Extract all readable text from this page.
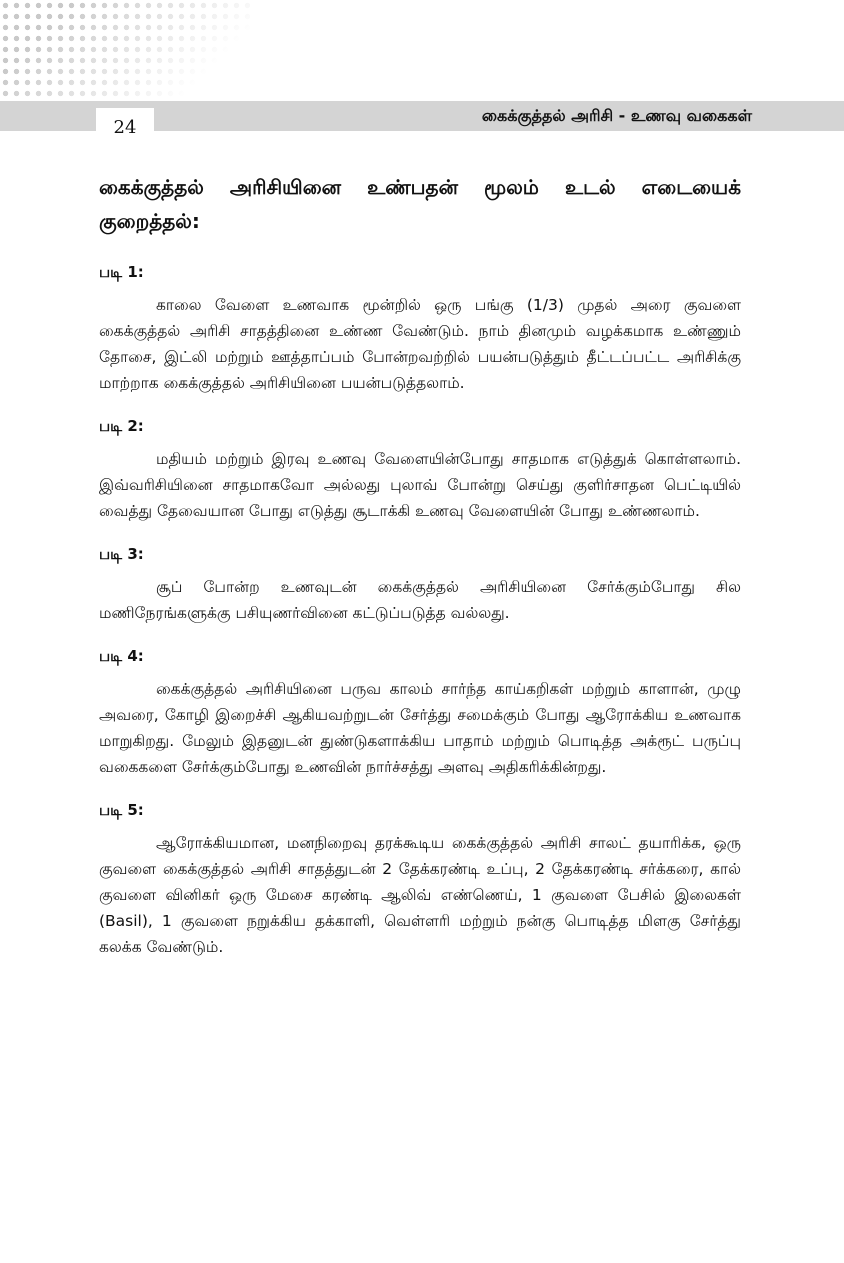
24
கைக்குத்தல் அரிசி - உணவு வகைகள்
கைக்குத்தல் அரிசியினை உண்பதன் மூலம் உடல் எடையைக் குறைத்தல்:
படி 1:

காலை வேளை உணவாக மூன்றில் ஒரு பங்கு (1/3) முதல் அரை குவளை கைக்குத்தல் அரிசி சாதத்தினை உண்ண வேண்டும். நாம் தினமும் வழக்கமாக உண்ணும் தோசை, இட்லி மற்றும் ஊத்தாப்பம் போன்றவற்றில் பயன்படுத்தும் தீட்டப்பட்ட அரிசிக்கு மாற்றாக கைக்குத்தல் அரிசியினை பயன்படுத்தலாம்.

படி 2:

மதியம் மற்றும் இரவு உணவு வேளையின்போது சாதமாக எடுத்துக் கொள்ளலாம். இவ்வரிசியினை சாதமாகவோ அல்லது புலாவ் போன்று செய்து குளிர்சாதன பெட்டியில் வைத்து தேவையான போது எடுத்து சூடாக்கி உணவு வேளையின் போது உண்ணலாம்.

படி 3:

சூப் போன்ற உணவுடன் கைக்குத்தல் அரிசியினை சேர்க்கும்போது சில மணிநேரங்களுக்கு பசியுணர்வினை கட்டுப்படுத்த வல்லது.

படி 4:

கைக்குத்தல் அரிசியினை பருவ காலம் சார்ந்த காய்கறிகள் மற்றும் காளான், முழு அவரை, கோழி இறைச்சி ஆகியவற்றுடன் சேர்த்து சமைக்கும் போது ஆரோக்கிய உணவாக மாறுகிறது. மேலும் இதனுடன் துண்டுகளாக்கிய பாதாம் மற்றும் பொடித்த அக்ரூட் பருப்பு வகைகளை சேர்க்கும்போது உணவின் நார்ச்சத்து அளவு அதிகரிக்கின்றது.

படி 5:

ஆரோக்கியமான, மனநிறைவு தரக்கூடிய கைக்குத்தல் அரிசி சாலட் தயாரிக்க, ஒரு குவளை கைக்குத்தல் அரிசி சாதத்துடன் 2 தேக்கரண்டி உப்பு, 2 தேக்கரண்டி சர்க்கரை, கால் குவளை வினிகர் ஒரு மேசை கரண்டி ஆலிவ் எண்ணெய், 1 குவளை பேசில் இலைகள் (Basil), 1 குவளை நறுக்கிய தக்காளி, வெள்ளரி மற்றும் நன்கு பொடித்த மிளகு சேர்த்து கலக்க வேண்டும்.
